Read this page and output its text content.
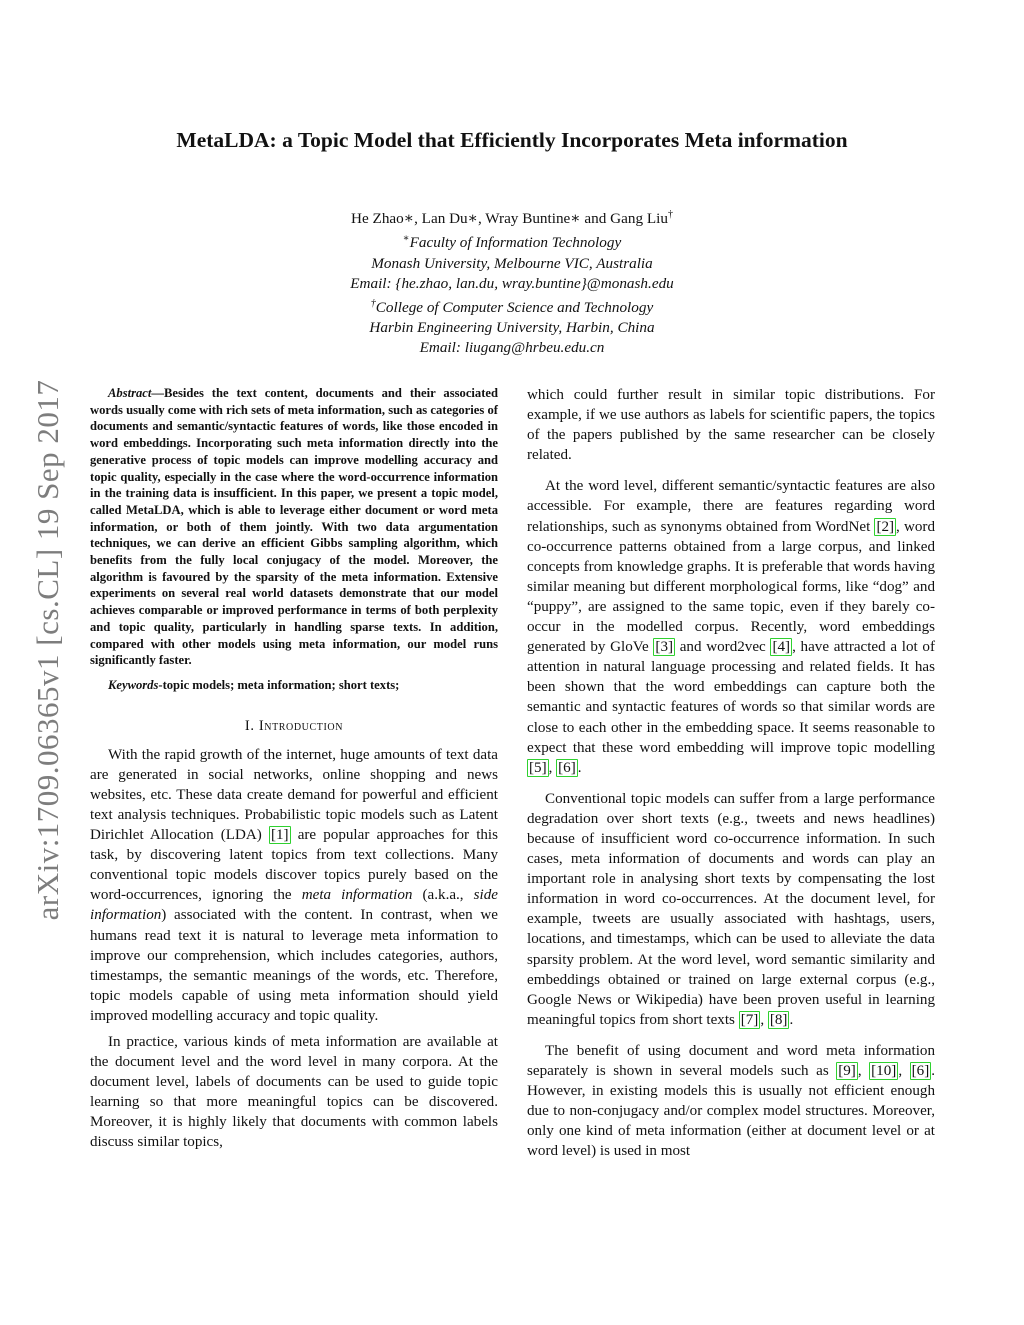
arXiv:1709.06365v1 [cs.CL] 19 Sep 2017
MetaLDA: a Topic Model that Efficiently Incorporates Meta information
He Zhao∗, Lan Du∗, Wray Buntine∗ and Gang Liu†
∗Faculty of Information Technology
Monash University, Melbourne VIC, Australia
Email: {he.zhao, lan.du, wray.buntine}@monash.edu
†College of Computer Science and Technology
Harbin Engineering University, Harbin, China
Email: liugang@hrbeu.edu.cn

Abstract—Besides the text content, documents and their associated words usually come with rich sets of meta information, such as categories of documents and semantic/syntactic features of words, like those encoded in word embeddings. Incorporating such meta information directly into the generative process of topic models can improve modelling accuracy and topic quality, especially in the case where the word-occurrence information in the training data is insufficient. In this paper, we present a topic model, called MetaLDA, which is able to leverage either document or word meta information, or both of them jointly. With two data argumentation techniques, we can derive an efficient Gibbs sampling algorithm, which benefits from the fully local conjugacy of the model. Moreover, the algorithm is favoured by the sparsity of the meta information. Extensive experiments on several real world datasets demonstrate that our model achieves comparable or improved performance in terms of both perplexity and topic quality, particularly in handling sparse texts. In addition, compared with other models using meta information, our model runs significantly faster.

Keywords-topic models; meta information; short texts;

I. Introduction

With the rapid growth of the internet, huge amounts of text data are generated in social networks, online shopping and news websites, etc. These data create demand for powerful and efficient text analysis techniques. Probabilistic topic models such as Latent Dirichlet Allocation (LDA) [1] are popular approaches for this task, by discovering latent topics from text collections. Many conventional topic models discover topics purely based on the word-occurrences, ignoring the meta information (a.k.a., side information) associated with the content. In contrast, when we humans read text it is natural to leverage meta information to improve our comprehension, which includes categories, authors, timestamps, the semantic meanings of the words, etc. Therefore, topic models capable of using meta information should yield improved modelling accuracy and topic quality.

In practice, various kinds of meta information are available at the document level and the word level in many corpora. At the document level, labels of documents can be used to guide topic learning so that more meaningful topics can be discovered. Moreover, it is highly likely that documents with common labels discuss similar topics,

which could further result in similar topic distributions. For example, if we use authors as labels for scientific papers, the topics of the papers published by the same researcher can be closely related.

At the word level, different semantic/syntactic features are also accessible. For example, there are features regarding word relationships, such as synonyms obtained from WordNet [2] , word co-occurrence patterns obtained from a large corpus, and linked concepts from knowledge graphs. It is preferable that words having similar meaning but different morphological forms, like “dog” and “puppy”, are assigned to the same topic, even if they barely co-occur in the modelled corpus. Recently, word embeddings generated by GloVe [3] and word2vec [4] , have attracted a lot of attention in natural language processing and related fields. It has been shown that the word embeddings can capture both the semantic and syntactic features of words so that similar words are close to each other in the embedding space. It seems reasonable to expect that these word embedding will improve topic modelling [5] , [6] .

Conventional topic models can suffer from a large performance degradation over short texts (e.g., tweets and news headlines) because of insufficient word co-occurrence information. In such cases, meta information of documents and words can play an important role in analysing short texts by compensating the lost information in word co-occurrences. At the document level, for example, tweets are usually associated with hashtags, users, locations, and timestamps, which can be used to alleviate the data sparsity problem. At the word level, word semantic similarity and embeddings obtained or trained on large external corpus (e.g., Google News or Wikipedia) have been proven useful in learning meaningful topics from short texts [7] , [8] .

The benefit of using document and word meta information separately is shown in several models such as [9] , [10] , [6] . However, in existing models this is usually not efficient enough due to non-conjugacy and/or complex model structures. Moreover, only one kind of meta information (either at document level or at word level) is used in most
